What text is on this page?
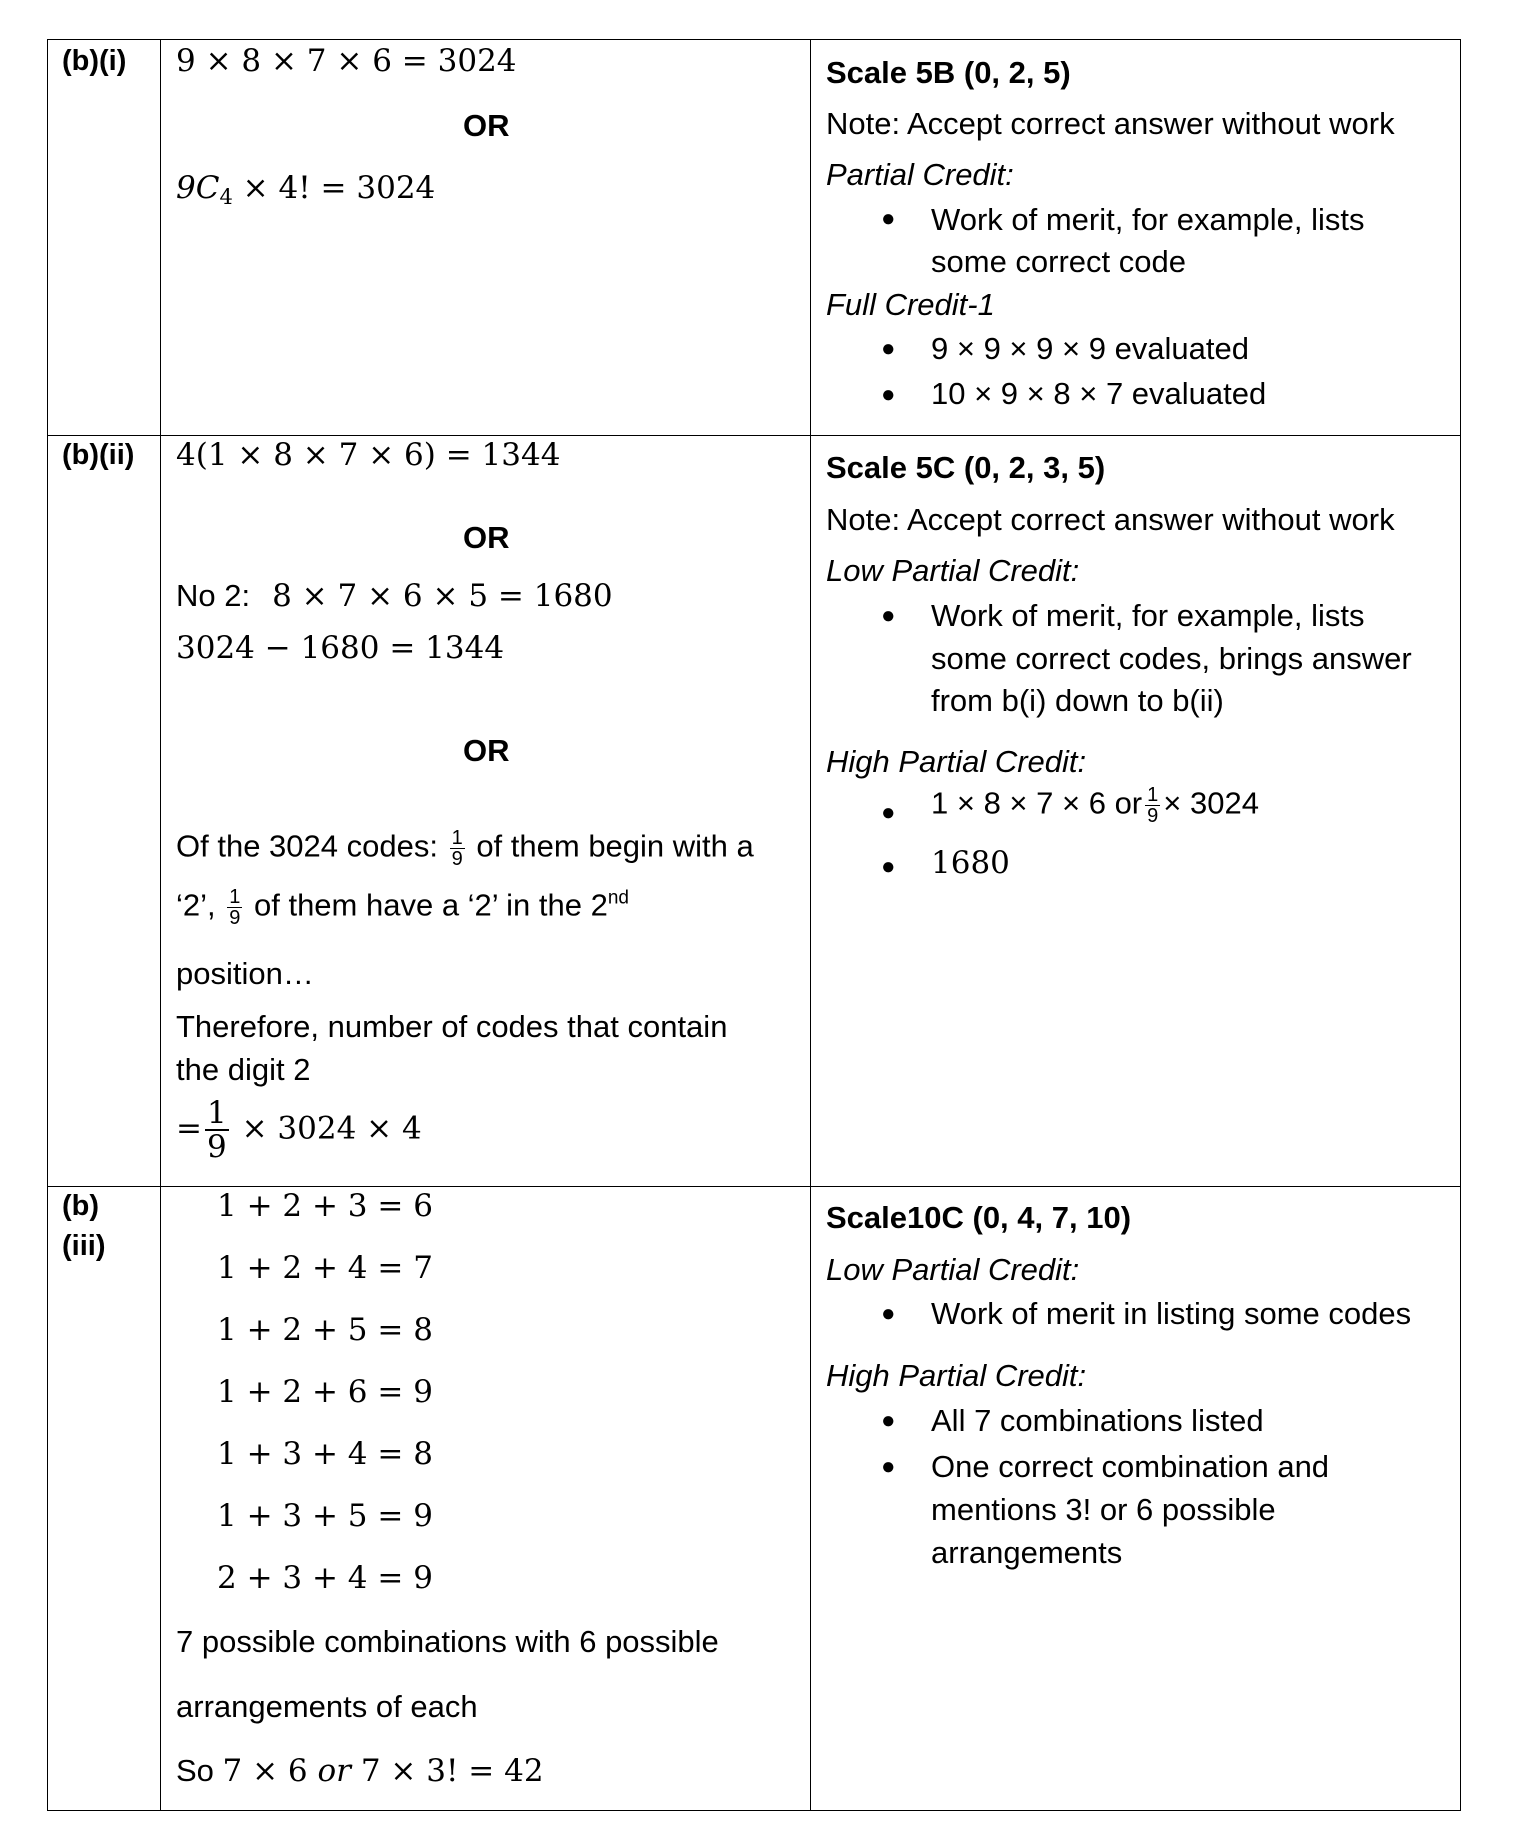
(b)(i) 9 × 8 × 7 × 6 = 3024
OR
$9C_4 \times 4$! = 3024
Scale 5B (0, 2, 5)
Note: Accept correct answer without work
Partial Credit:
● Work of merit, for example, lists
some correct code
Full Credit-1
● 9 × 9 × 9 × 9 evaluated
● 10 × 9 × 8 × 7 evaluated
(b)(ii) 4(1 × 8 × 7 × 6) = 1344
OR
No 2: 8 × 7 × 6 × 5 = 1680
3024 − 1680 = 1344
OR
Of the 3024 codes: $\frac{1}{9}$ of them begin with a
‘2’, $\frac{1}{9}$ of them have a ‘2’ in the 2nd
position…
Therefore, number of codes that contain
the digit 2
= $\frac{1}{9} \times 3024 \times 4$
Scale 5C (0, 2, 3, 5)
Note: Accept correct answer without work
Low Partial Credit:
● Work of merit, for example, lists
some correct codes, brings answer
from b(i) down to b(ii)
High Partial Credit:
● 1 × 8 × 7 × 6 or $\frac{1}{9} \times 3024$
● 1680
(b)
(iii)
1 + 2 + 3 = 6
1 + 2 + 4 = 7
1 + 2 + 5 = 8
1 + 2 + 6 = 9
1 + 3 + 4 = 8
1 + 3 + 5 = 9
2 + 3 + 4 = 9
7 possible combinations with 6 possible
arrangements of each
So 7 × 6 or 7 × 3! = 42
Scale10C (0, 4, 7, 10)
Low Partial Credit:
● Work of merit in listing some codes
High Partial Credit:
● All 7 combinations listed
● One correct combination and
mentions 3! or 6 possible
arrangements
